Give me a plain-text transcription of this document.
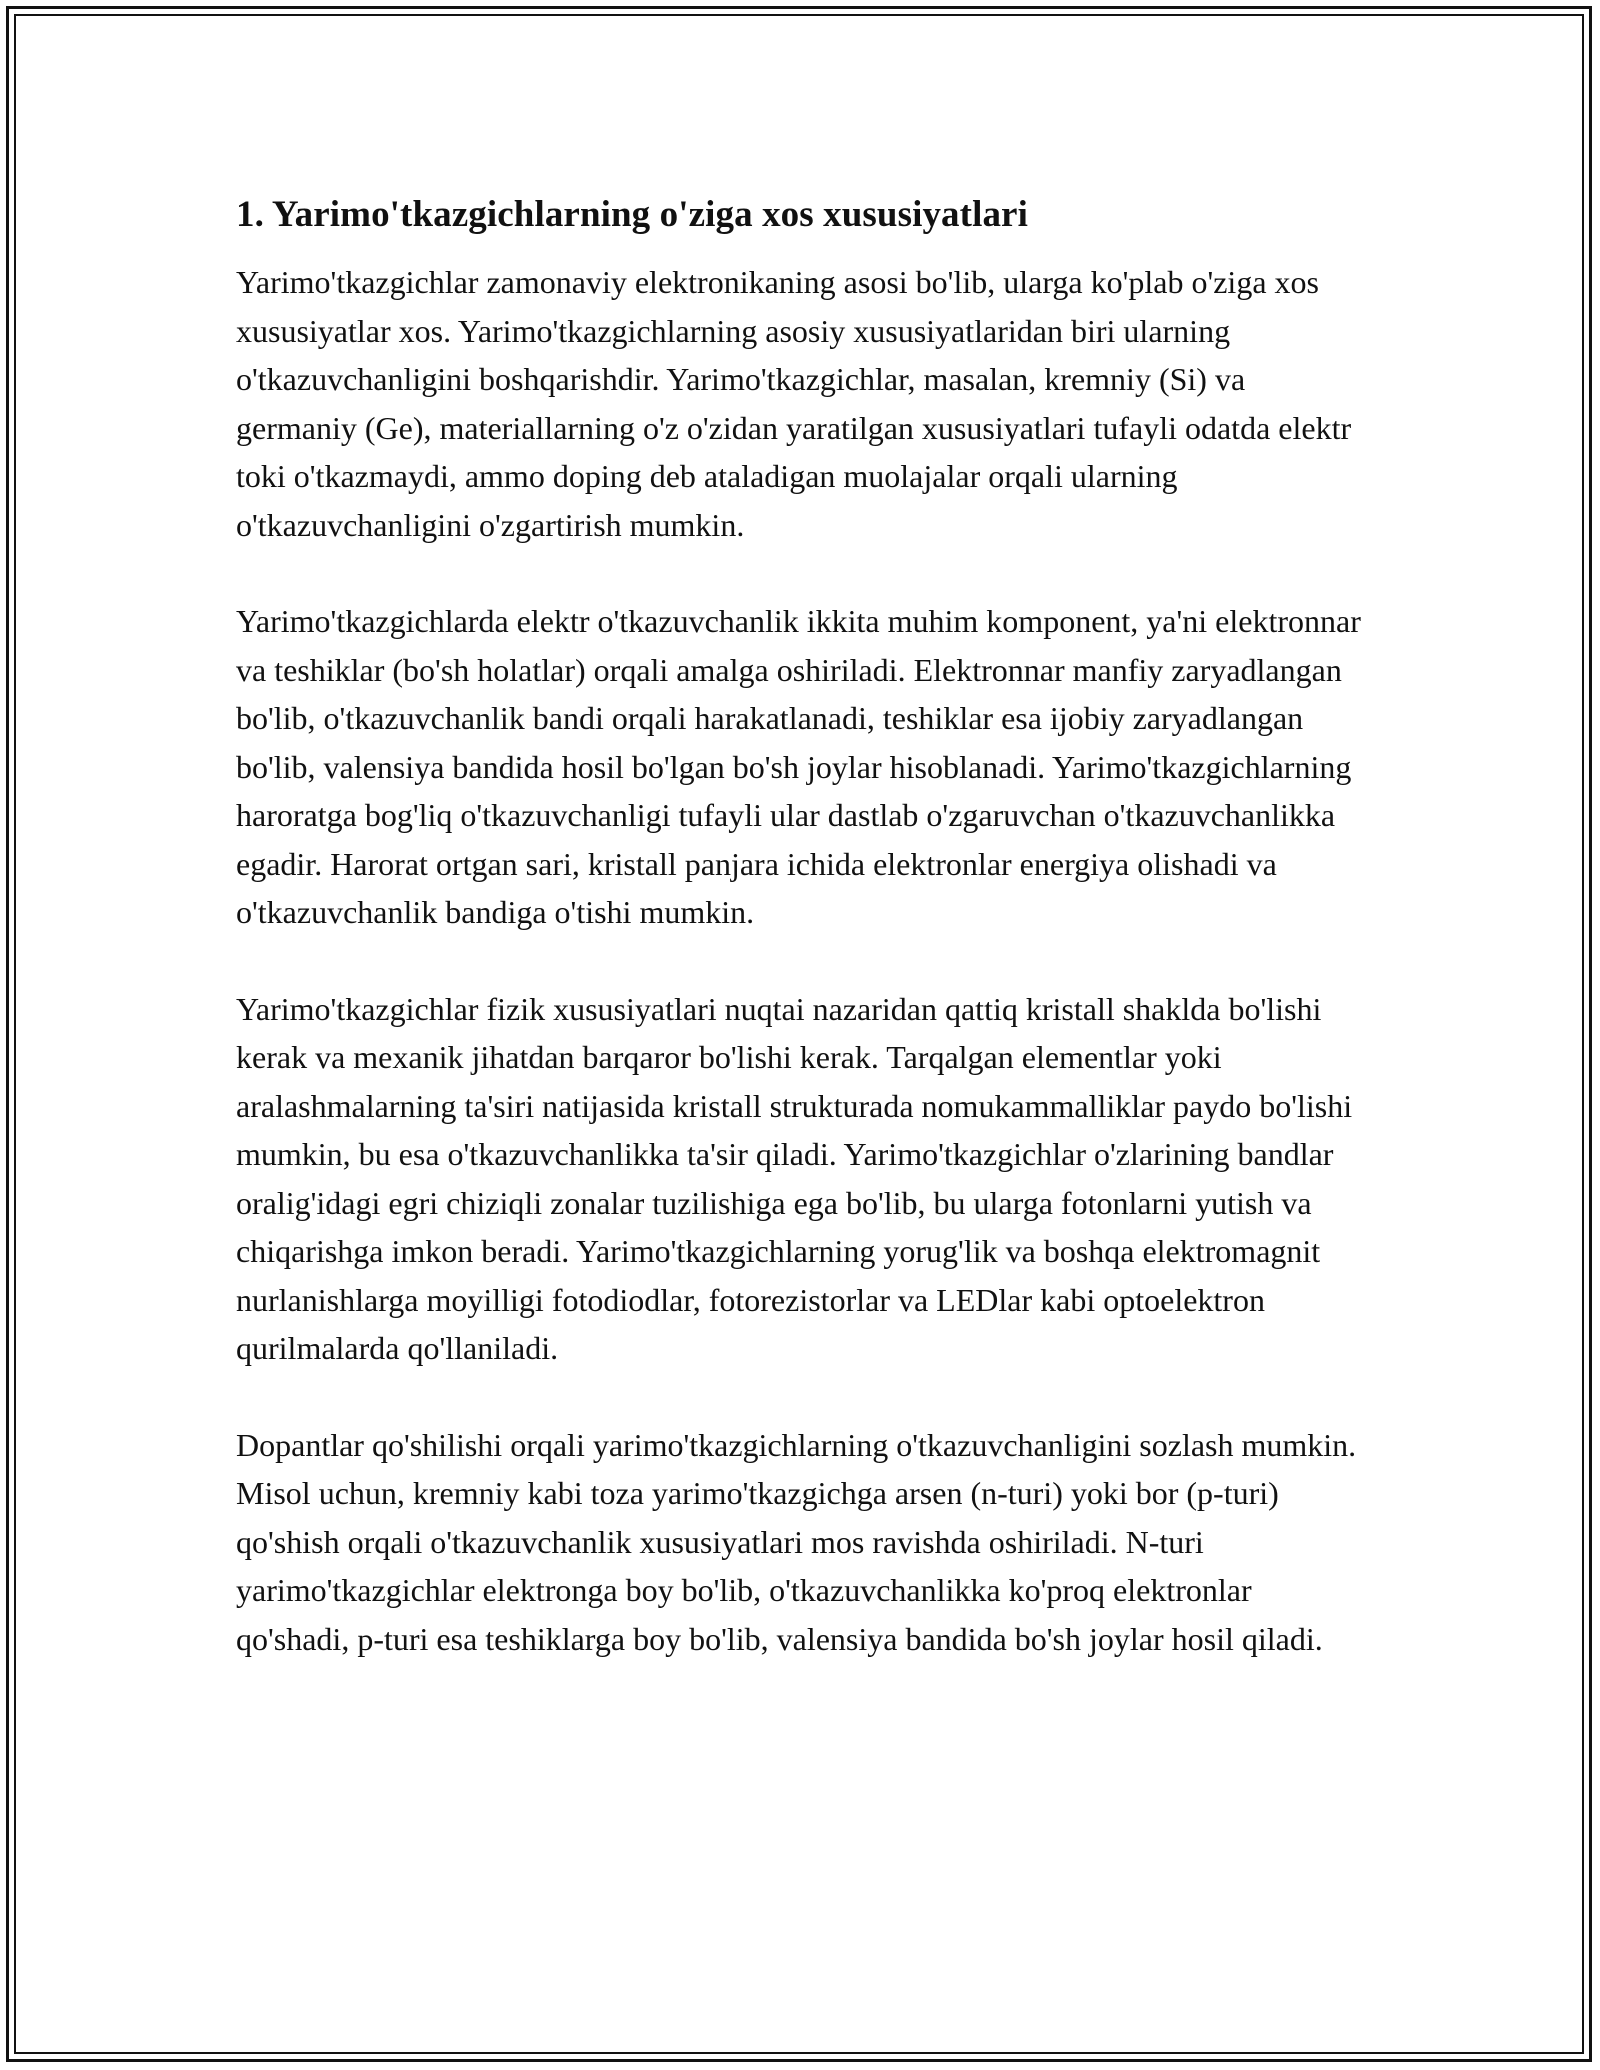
1. Yarimo'tkazgichlarning o'ziga xos xususiyatlari

Yarimo'tkazgichlar zamonaviy elektronikaning asosi bo'lib, ularga ko'plab o'ziga xos xususiyatlar xos. Yarimo'tkazgichlarning asosiy xususiyatlaridan biri ularning o'tkazuvchanligini boshqarishdir. Yarimo'tkazgichlar, masalan, kremniy (Si) va germaniy (Ge), materiallarning o'z o'zidan yaratilgan xususiyatlari tufayli odatda elektr toki o'tkazmaydi, ammo doping deb ataladigan muolajalar orqali ularning o'tkazuvchanligini o'zgartirish mumkin.

Yarimo'tkazgichlarda elektr o'tkazuvchanlik ikkita muhim komponent, ya'ni elektronnar va teshiklar (bo'sh holatlar) orqali amalga oshiriladi. Elektronnar manfiy zaryadlangan bo'lib, o'tkazuvchanlik bandi orqali harakatlanadi, teshiklar esa ijobiy zaryadlangan bo'lib, valensiya bandida hosil bo'lgan bo'sh joylar hisoblanadi. Yarimo'tkazgichlarning haroratga bog'liq o'tkazuvchanligi tufayli ular dastlab o'zgaruvchan o'tkazuvchanlikka egadir. Harorat ortgan sari, kristall panjara ichida elektronlar energiya olishadi va o'tkazuvchanlik bandiga o'tishi mumkin.

Yarimo'tkazgichlar fizik xususiyatlari nuqtai nazaridan qattiq kristall shaklda bo'lishi kerak va mexanik jihatdan barqaror bo'lishi kerak. Tarqalgan elementlar yoki aralashmalarning ta'siri natijasida kristall strukturada nomukammalliklar paydo bo'lishi mumkin, bu esa o'tkazuvchanlikka ta'sir qiladi. Yarimo'tkazgichlar o'zlarining bandlar oralig'idagi egri chiziqli zonalar tuzilishiga ega bo'lib, bu ularga fotonlarni yutish va chiqarishga imkon beradi. Yarimo'tkazgichlarning yorug'lik va boshqa elektromagnit nurlanishlarga moyilligi fotodiodlar, fotorezistorlar va LEDlar kabi optoelektron qurilmalarda qo'llaniladi.

Dopantlar qo'shilishi orqali yarimo'tkazgichlarning o'tkazuvchanligini sozlash mumkin. Misol uchun, kremniy kabi toza yarimo'tkazgichga arsen (n-turi) yoki bor (p-turi) qo'shish orqali o'tkazuvchanlik xususiyatlari mos ravishda oshiriladi. N-turi yarimo'tkazgichlar elektronga boy bo'lib, o'tkazuvchanlikka ko'proq elektronlar qo'shadi, p-turi esa teshiklarga boy bo'lib, valensiya bandida bo'sh joylar hosil qiladi.
